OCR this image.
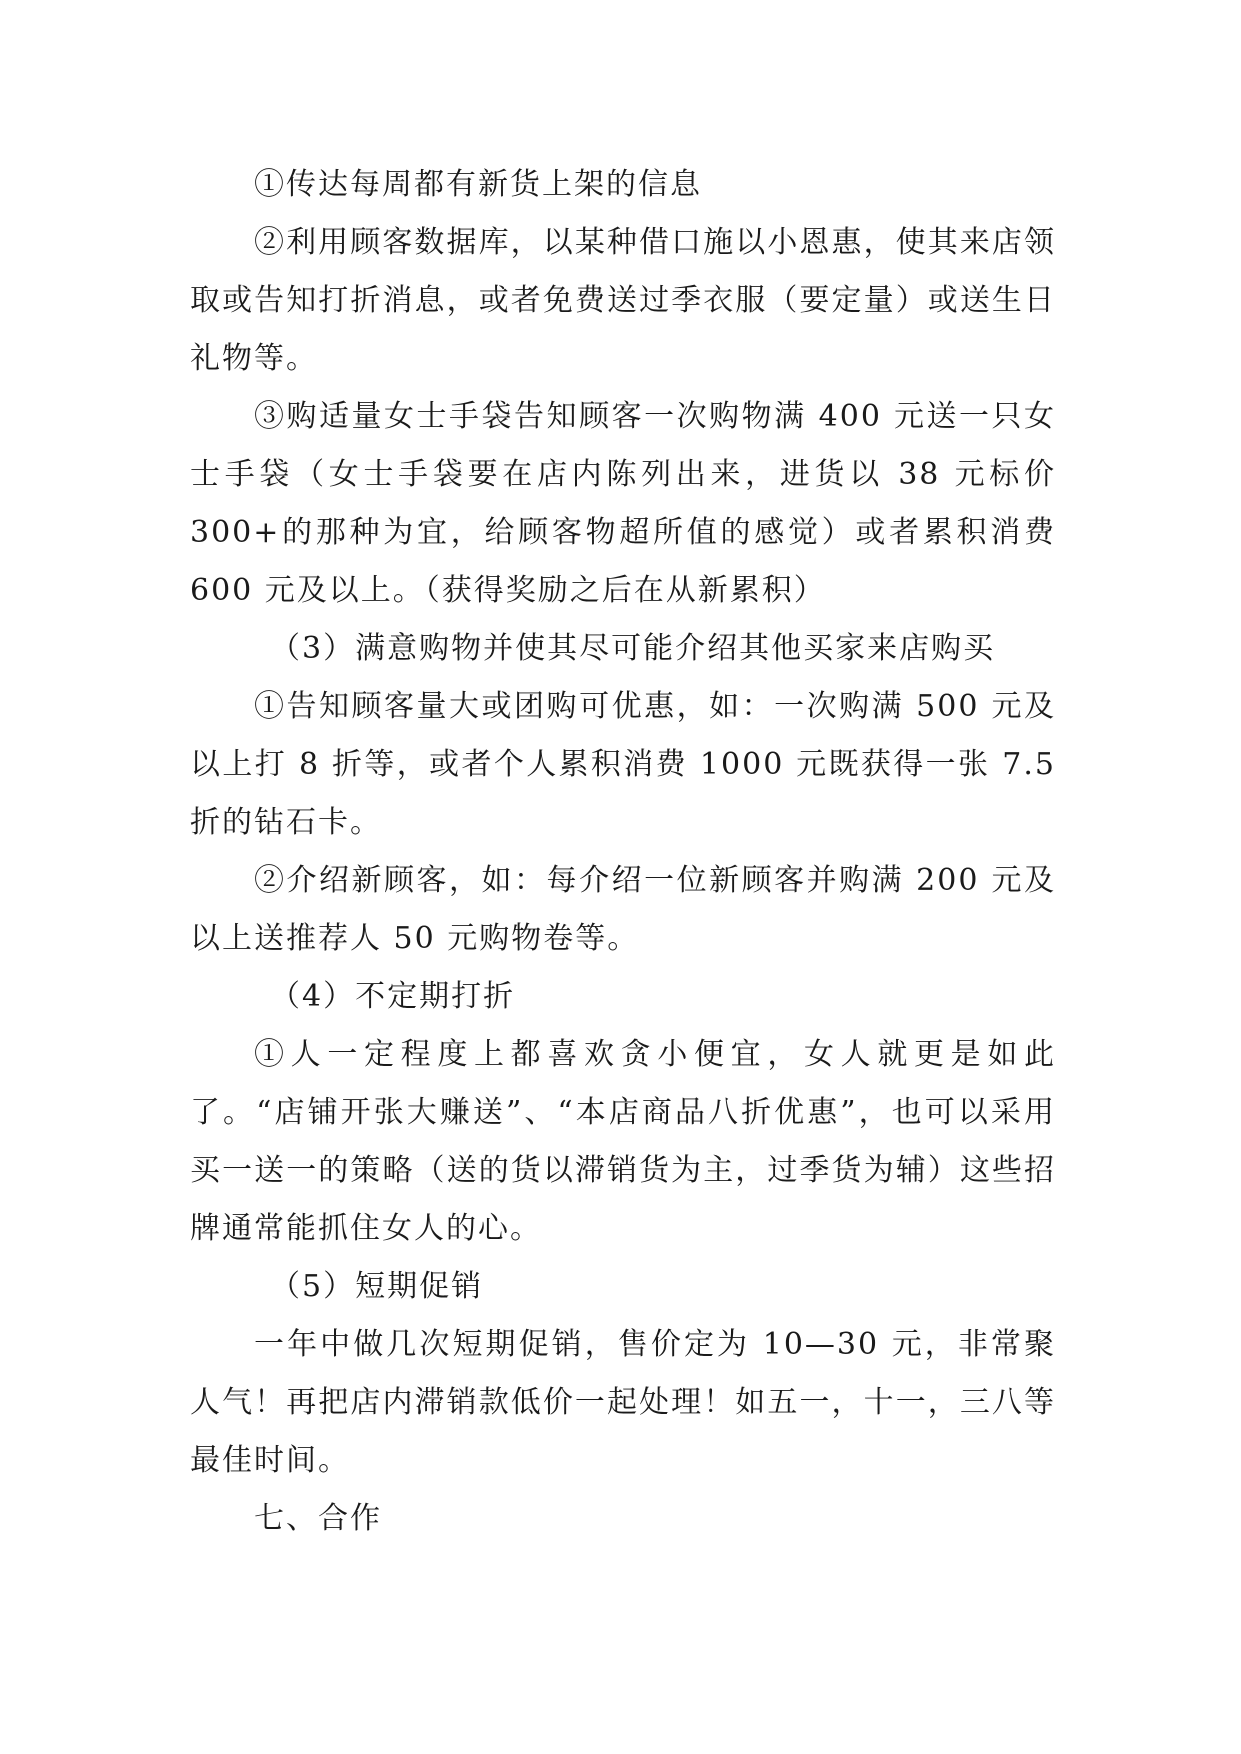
①传达每周都有新货上架的信息

②利用顾客数据库，以某种借口施以小恩惠，使其来店领取或告知打折消息，或者免费送过季衣服（要定量）或送生日礼物等。

③购适量女士手袋告知顾客一次购物满 400 元送一只女士手袋（女士手袋要在店内陈列出来，进货以 38 元标价 300+的那种为宜，给顾客物超所值的感觉）或者累积消费 600 元及以上。（获得奖励之后在从新累积）

（3）满意购物并使其尽可能介绍其他买家来店购买

①告知顾客量大或团购可优惠，如：一次购满 500 元及以上打 8 折等，或者个人累积消费 1000 元既获得一张 7.5 折的钻石卡。

②介绍新顾客，如：每介绍一位新顾客并购满 200 元及以上送推荐人 50 元购物卷等。

（4）不定期打折

①人一定程度上都喜欢贪小便宜，女人就更是如此了。“店铺开张大赚送”、“本店商品八折优惠”，也可以采用买一送一的策略（送的货以滞销货为主，过季货为辅）这些招牌通常能抓住女人的心。

（5）短期促销

一年中做几次短期促销，售价定为 10—30 元，非常聚人气！再把店内滞销款低价一起处理！如五一，十一，三八等最佳时间。

七、合作
